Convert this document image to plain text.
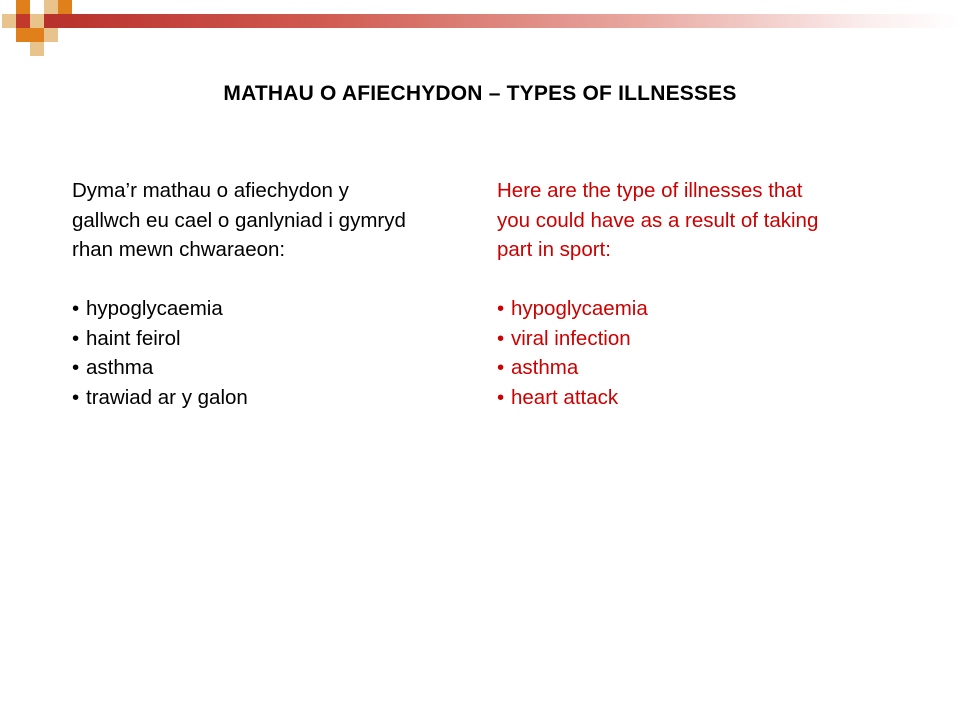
MATHAU O AFIECHYDON – TYPES OF ILLNESSES
Dyma’r mathau o afiechydon y
gallwch eu cael o ganlyniad i gymryd
rhan mewn chwaraeon:
• hypoglycaemia
• haint feirol
• asthma
• trawiad ar y galon
Here are the type of illnesses that
you could have as a result of taking
part in sport:
• hypoglycaemia
• viral infection
• asthma
• heart attack
